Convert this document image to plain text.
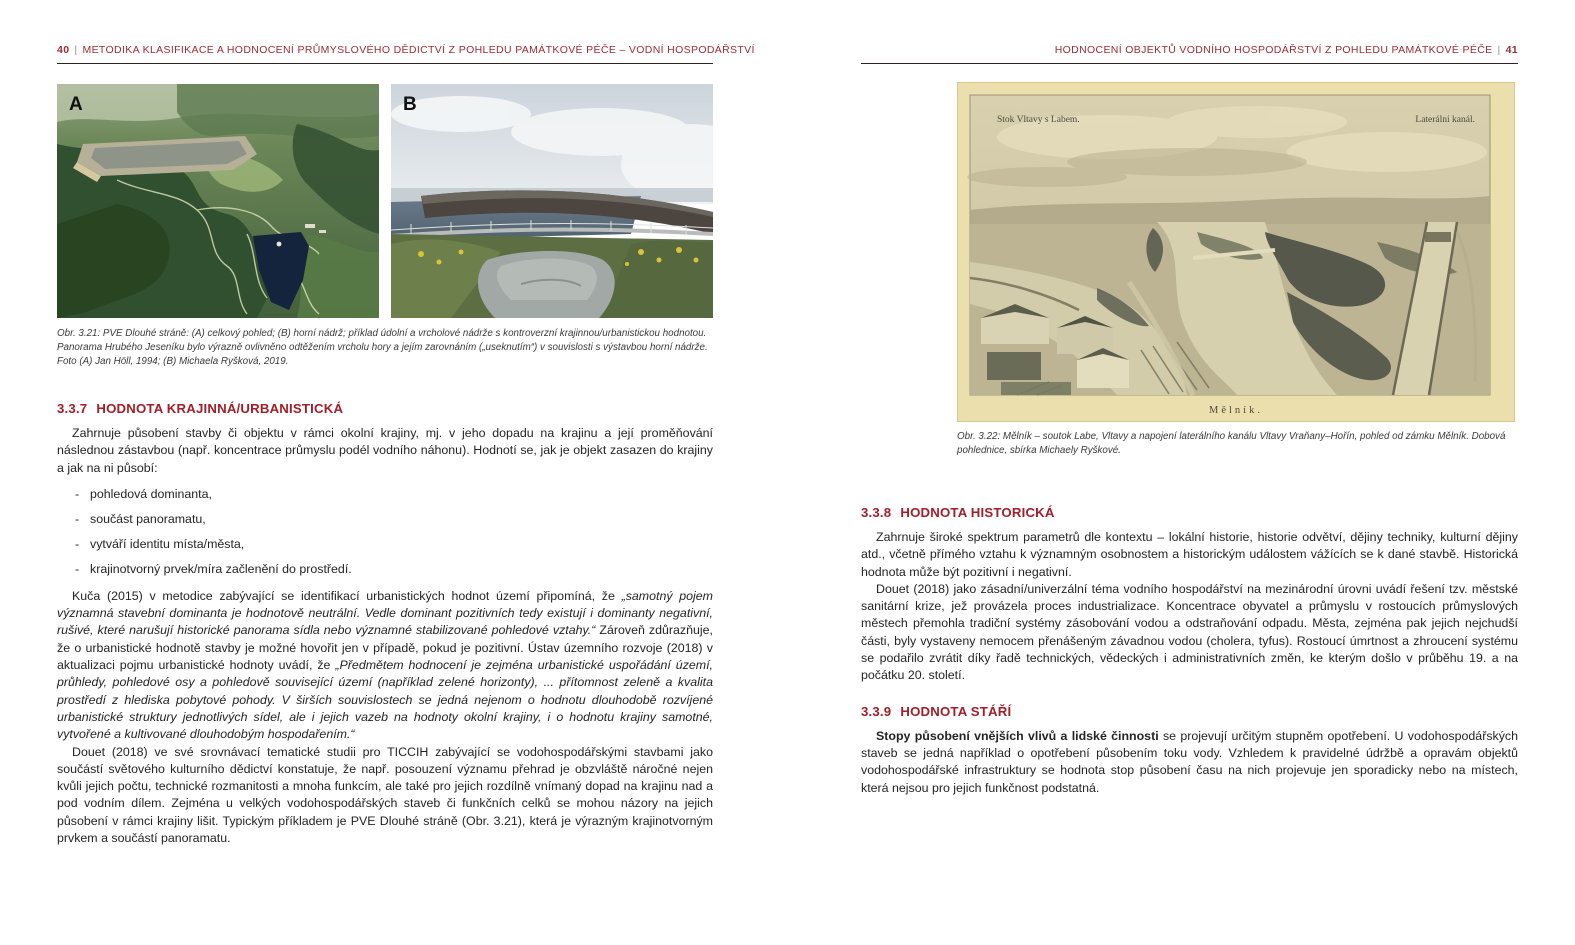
40 | METODIKA KLASIFIKACE A HODNOCENÍ PRŮMYSLOVÉHO DĚDICTVÍ Z POHLEDU PAMÁTKOVÉ PÉČE – VODNÍ HOSPODÁŘSTVÍ
A	B
Obr. 3.21: PVE Dlouhé stráně: (A) celkový pohled; (B) horní nádrž; příklad údolní a vrcholové nádrže s kontroverzní krajinnou/urbanistickou hodnotou. Panorama Hrubého Jeseníku bylo výrazně ovlivněno odtěžením vrcholu hory a jejím zarovnáním („useknutím“) v souvislosti s výstavbou horní nádrže. Foto (A) Jan Höll, 1994; (B) Michaela Ryšková, 2019.
3.3.7 HODNOTA KRAJINNÁ/URBANISTICKÁ

Zahrnuje působení stavby či objektu v rámci okolní krajiny, mj. v jeho dopadu na krajinu a její proměňování následnou zástavbou (např. koncentrace průmyslu podél vodního náhonu). Hodnotí se, jak je objekt zasazen do krajiny a jak na ni působí:

- pohledová dominanta,
- součást panoramatu,
- vytváří identitu místa/města,
- krajinotvorný prvek/míra začlenění do prostředí.

Kuča (2015) v metodice zabývající se identifikací urbanistických hodnot území připomíná, že „samotný pojem významná stavební dominanta je hodnotově neutrální. Vedle dominant pozitivních tedy existují i dominanty negativní, rušivé, které narušují historické panorama sídla nebo významné stabilizované pohledové vztahy.“ Zároveň zdůrazňuje, že o urbanistické hodnotě stavby je možné hovořit jen v případě, pokud je pozitivní. Ústav územního rozvoje (2018) v aktualizaci pojmu urbanistické hodnoty uvádí, že „Předmětem hodnocení je zejména urbanistické uspořádání území, průhledy, pohledové osy a pohledově související území (například zelené horizonty), ... přítomnost zeleně a kvalita prostředí z hlediska pobytové pohody. V širších souvislostech se jedná nejenom o hodnotu dlouhodobě rozvíjené urbanistické struktury jednotlivých sídel, ale i jejich vazeb na hodnoty okolní krajiny, i o hodnotu krajiny samotné, vytvořené a kultivované dlouhodobým hospodařením.“

Douet (2018) ve své srovnávací tematické studii pro TICCIH zabývající se vodohospodářskými stavbami jako součástí světového kulturního dědictví konstatuje, že např. posouzení významu přehrad je obzvláště náročné nejen kvůli jejich počtu, technické rozmanitosti a mnoha funkcím, ale také pro jejich rozdílně vnímaný dopad na krajinu nad a pod vodním dílem. Zejména u velkých vodohospodářských staveb či funkčních celků se mohou názory na jejich působení v rámci krajiny lišit. Typickým příkladem je PVE Dlouhé stráně (Obr. 3.21), která je výrazným krajinotvorným prvkem a součástí panoramatu.

HODNOCENÍ OBJEKTŮ VODNÍHO HOSPODÁŘSTVÍ Z POHLEDU PAMÁTKOVÉ PÉČE | 41
Stok Vltavy s Labem.	Laterální kanál.
Mělník.
Obr. 3.22: Mělník – soutok Labe, Vltavy a napojení laterálního kanálu Vltavy Vraňany–Hořín, pohled od zámku Mělník. Dobová pohlednice, sbírka Michaely Ryškové.
3.3.8 HODNOTA HISTORICKÁ

Zahrnuje široké spektrum parametrů dle kontextu – lokální historie, historie odvětví, dějiny techniky, kulturní dějiny atd., včetně přímého vztahu k významným osobnostem a historickým událostem vážících se k dané stavbě. Historická hodnota může být pozitivní i negativní.

Douet (2018) jako zásadní/univerzální téma vodního hospodářství na mezinárodní úrovni uvádí řešení tzv. městské sanitární krize, jež provázela proces industrializace. Koncentrace obyvatel a průmyslu v rostoucích průmyslových městech přemohla tradiční systémy zásobování vodou a odstraňování odpadu. Města, zejména pak jejich nejchudší části, byly vystaveny nemocem přenášeným závadnou vodou (cholera, tyfus). Rostoucí úmrtnost a zhroucení systému se podařilo zvrátit díky řadě technických, vědeckých i administrativních změn, ke kterým došlo v průběhu 19. a na počátku 20. století.

3.3.9 HODNOTA STÁŘÍ

Stopy působení vnějších vlivů a lidské činnosti se projevují určitým stupněm opotřebení. U vodohospodářských staveb se jedná například o opotřebení působením toku vody. Vzhledem k pravidelné údržbě a opravám objektů vodohospodářské infrastruktury se hodnota stop působení času na nich projevuje jen sporadicky nebo na místech, která nejsou pro jejich funkčnost podstatná.
